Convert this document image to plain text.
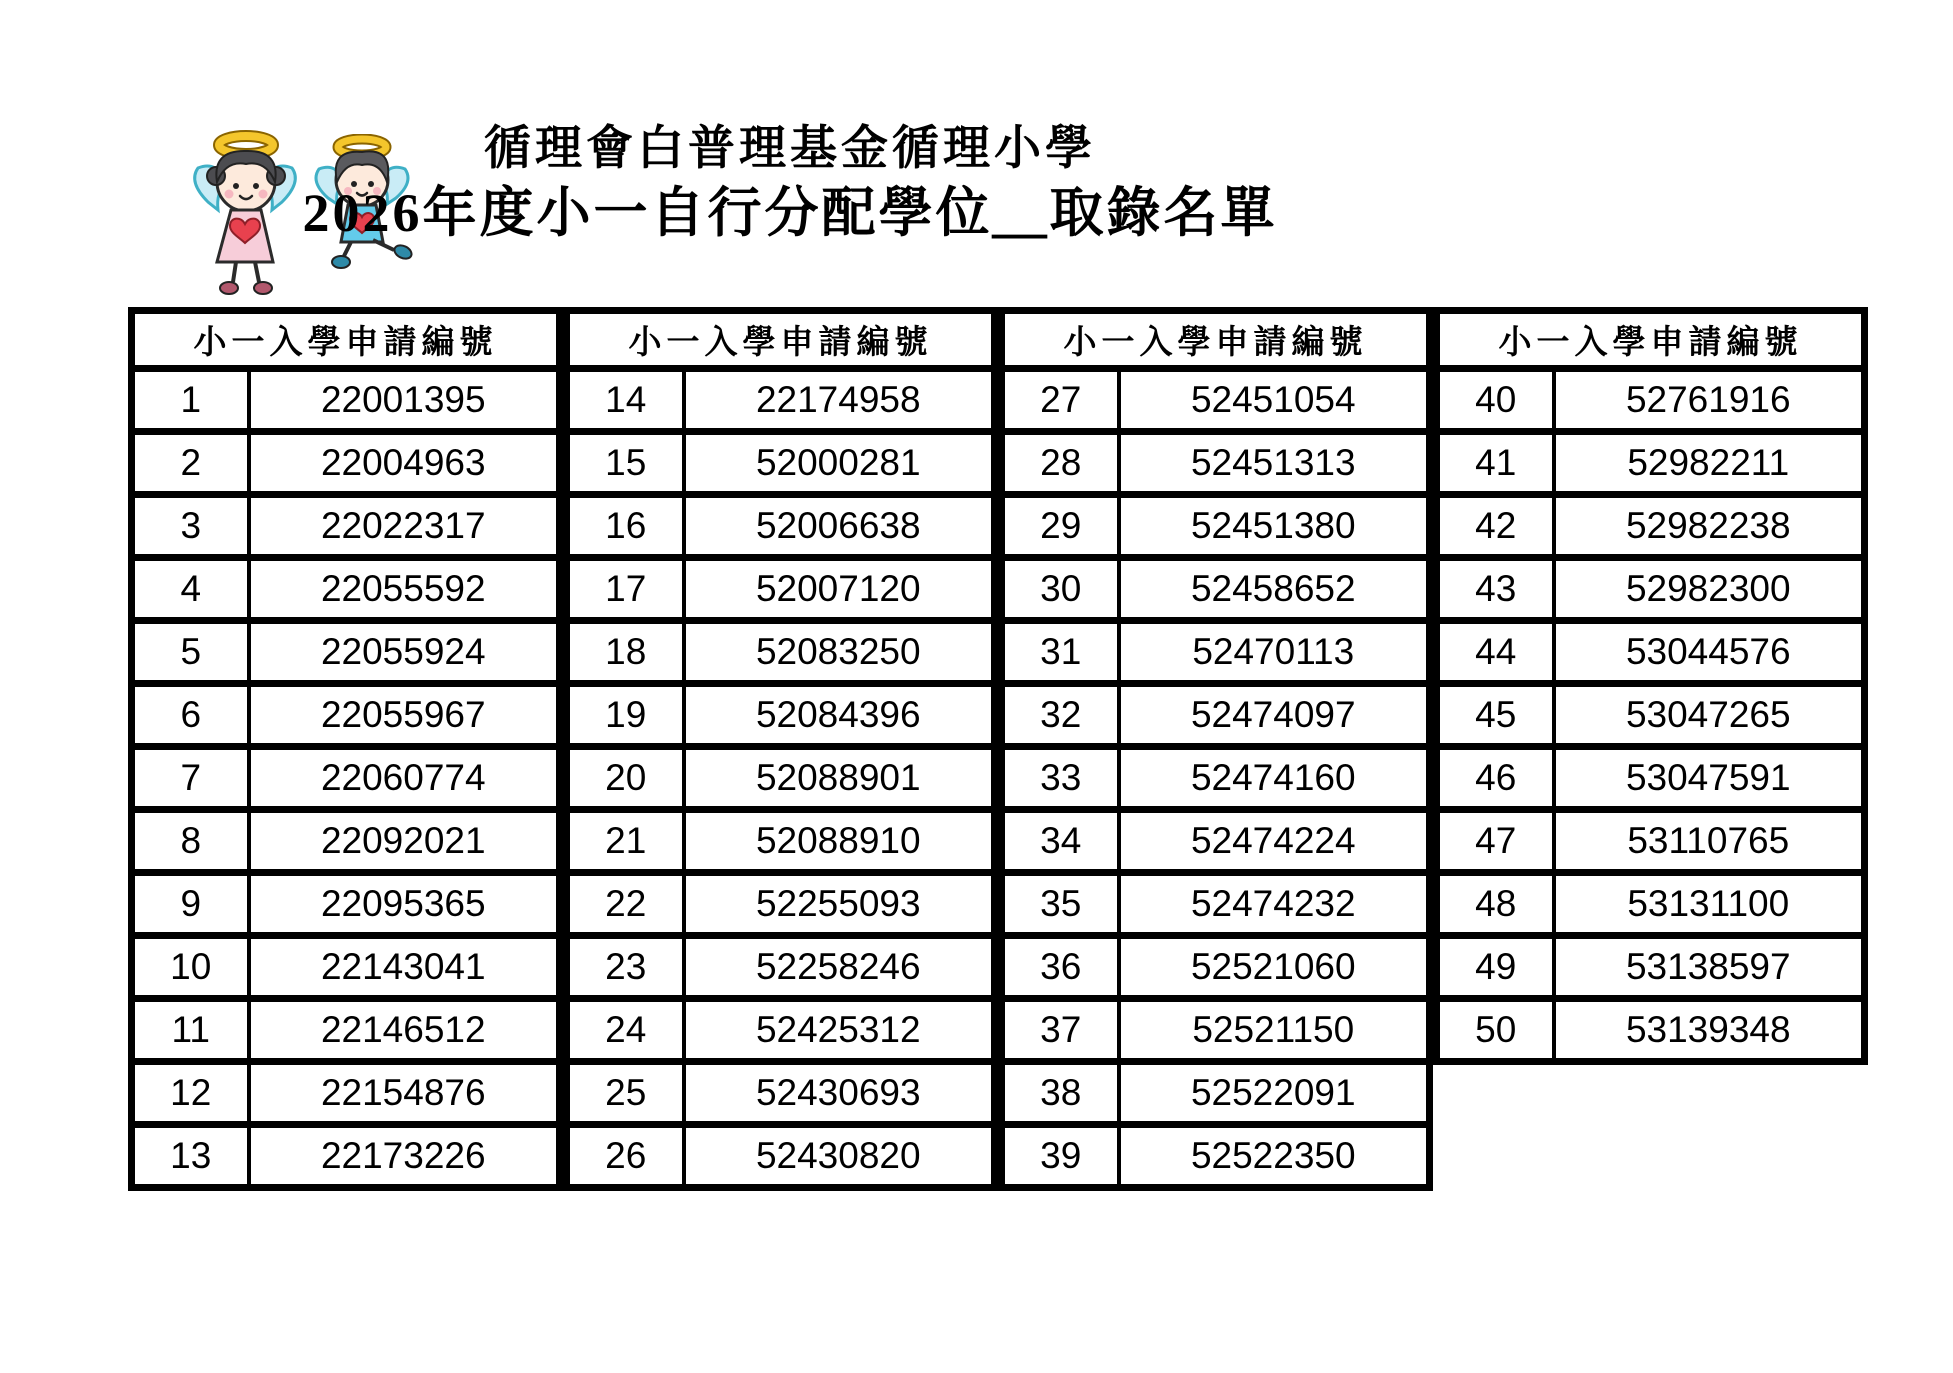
循理會白普理基金循理小學
2026年度小一自行分配學位＿取錄名單
小一入學申請編號	
1	22001395
2	22004963
3	22022317
4	22055592
5	22055924
6	22055967
7	22060774
8	22092021
9	22095365
10	22143041
11	22146512
12	22154876
13	22173226
小一入學申請編號	
14	22174958
15	52000281
16	52006638
17	52007120
18	52083250
19	52084396
20	52088901
21	52088910
22	52255093
23	52258246
24	52425312
25	52430693
26	52430820
小一入學申請編號	
27	52451054
28	52451313
29	52451380
30	52458652
31	52470113
32	52474097
33	52474160
34	52474224
35	52474232
36	52521060
37	52521150
38	52522091
39	52522350
小一入學申請編號	
40	52761916
41	52982211
42	52982238
43	52982300
44	53044576
45	53047265
46	53047591
47	53110765
48	53131100
49	53138597
50	53139348
